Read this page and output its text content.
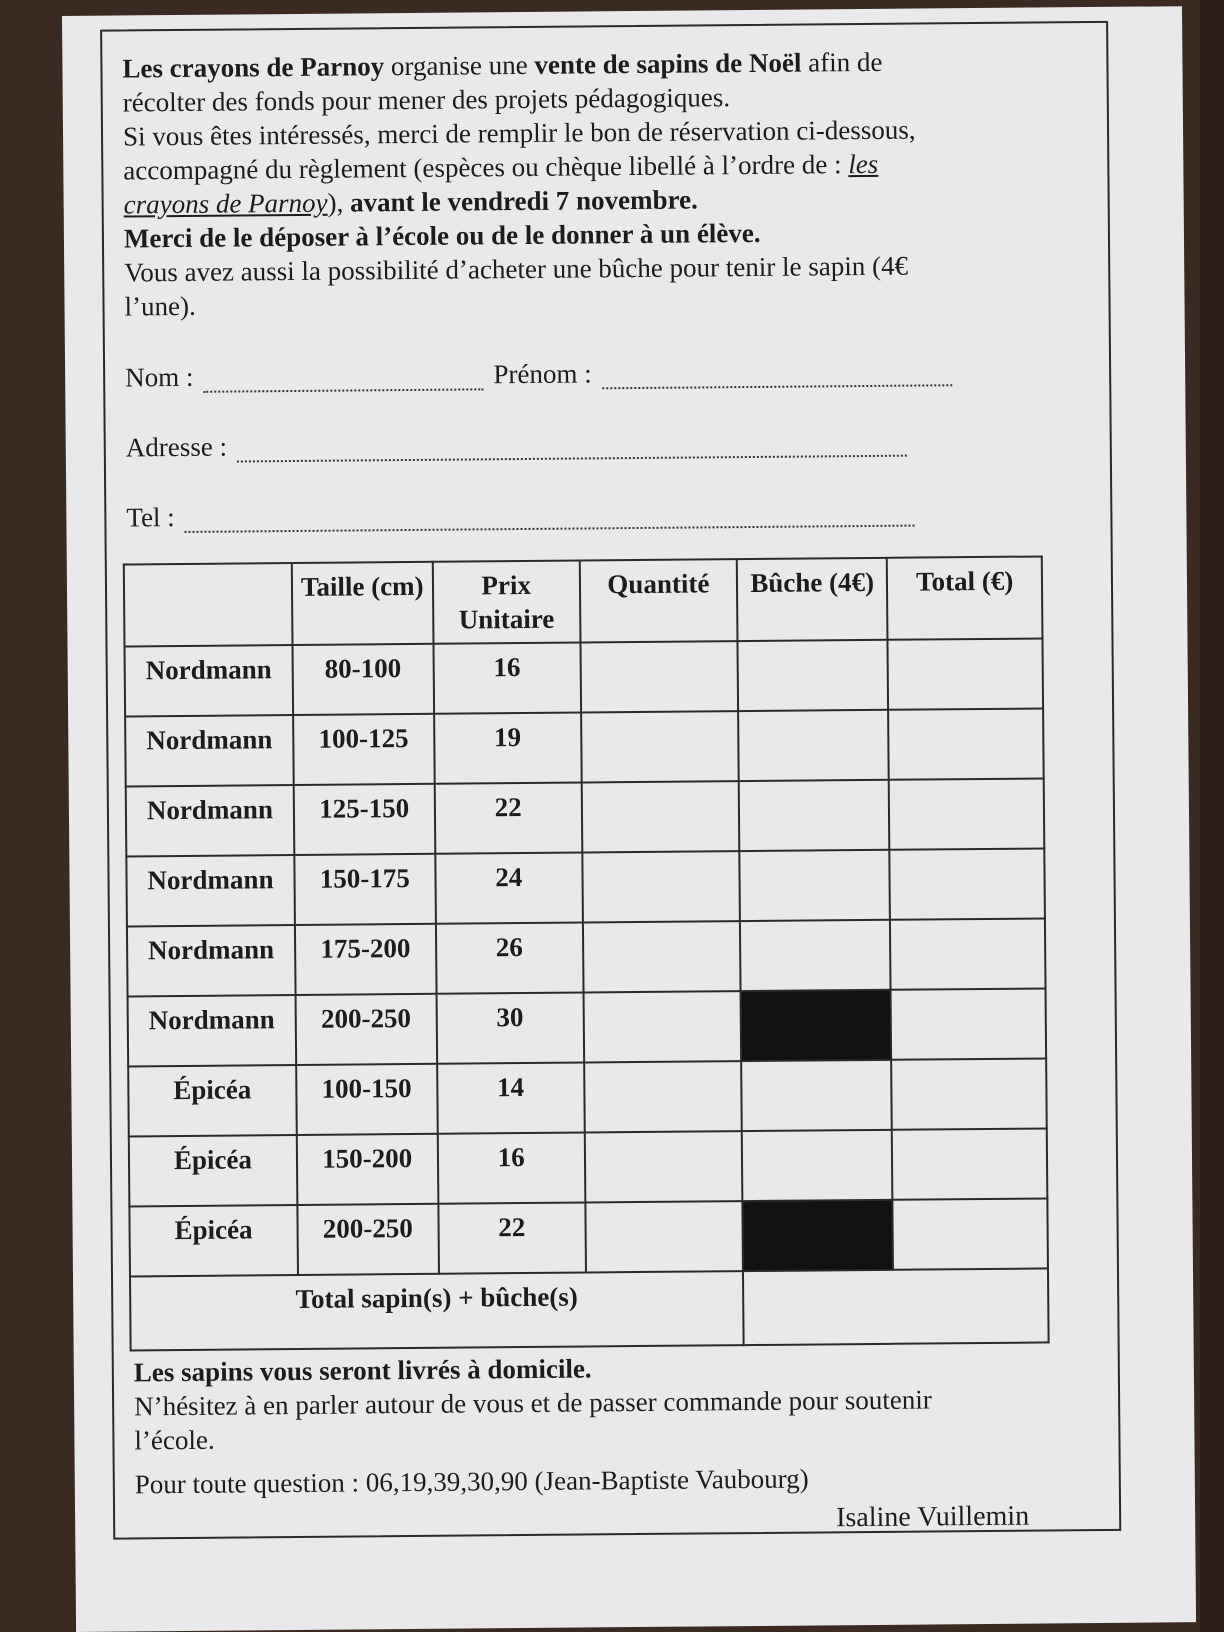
Les crayons de Parnoy organise une vente de sapins de Noël afin de
récolter des fonds pour mener des projets pédagogiques.
Si vous êtes intéressés, merci de remplir le bon de réservation ci-dessous,
accompagné du règlement (espèces ou chèque libellé à l’ordre de : les
crayons de Parnoy), avant le vendredi 7 novembre.
Merci de le déposer à l’école ou de le donner à un élève.
Vous avez aussi la possibilité d’acheter une bûche pour tenir le sapin (4€
l’une).

Nom :	Prénom :
Adresse :
Tel :
	Taille (cm)	Prix Unitaire	Quantité	Bûche (4€)	Total (€)
Nordmann	80-100	16			
Nordmann	100-125	19			
Nordmann	125-150	22			
Nordmann	150-175	24			
Nordmann	175-200	26			
Nordmann	200-250	30			
Épicéa	100-150	14			
Épicéa	150-200	16			
Épicéa	200-250	22			
Total sapin(s) + bûche(s)					
Les sapins vous seront livrés à domicile.
N’hésitez à en parler autour de vous et de passer commande pour soutenir
l’école.
Pour toute question : 06,19,39,30,90 (Jean-Baptiste Vaubourg)
Isaline Vuillemin
